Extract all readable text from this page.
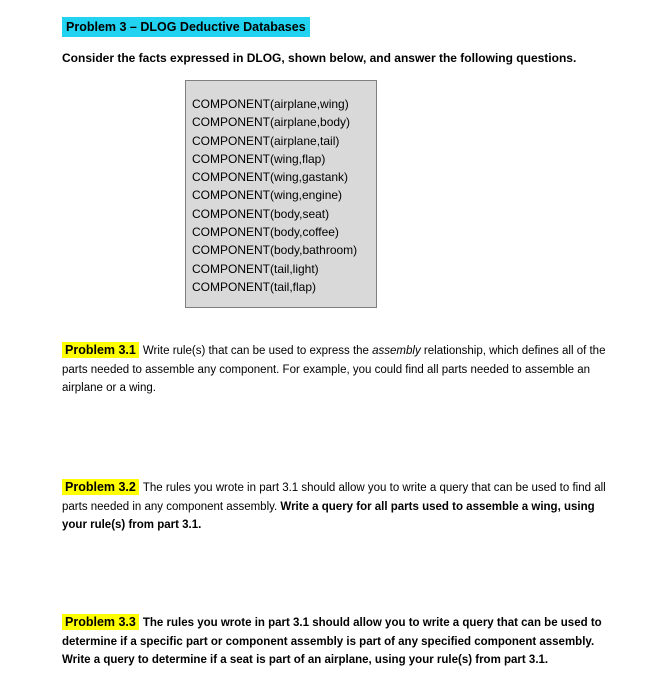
Problem 3 – DLOG Deductive Databases
Consider the facts expressed in DLOG, shown below, and answer the following questions.
COMPONENT(airplane,wing)
COMPONENT(airplane,body)
COMPONENT(airplane,tail)
COMPONENT(wing,flap)
COMPONENT(wing,gastank)
COMPONENT(wing,engine)
COMPONENT(body,seat)
COMPONENT(body,coffee)
COMPONENT(body,bathroom)
COMPONENT(tail,light)
COMPONENT(tail,flap)
Problem 3.1 Write rule(s) that can be used to express the assembly relationship, which defines all of the parts needed to assemble any component. For example, you could find all parts needed to assemble an airplane or a wing.
Problem 3.2 The rules you wrote in part 3.1 should allow you to write a query that can be used to find all parts needed in any component assembly. Write a query for all parts used to assemble a wing, using your rule(s) from part 3.1.
Problem 3.3 The rules you wrote in part 3.1 should allow you to write a query that can be used to determine if a specific part or component assembly is part of any specified component assembly. Write a query to determine if a seat is part of an airplane, using your rule(s) from part 3.1.
